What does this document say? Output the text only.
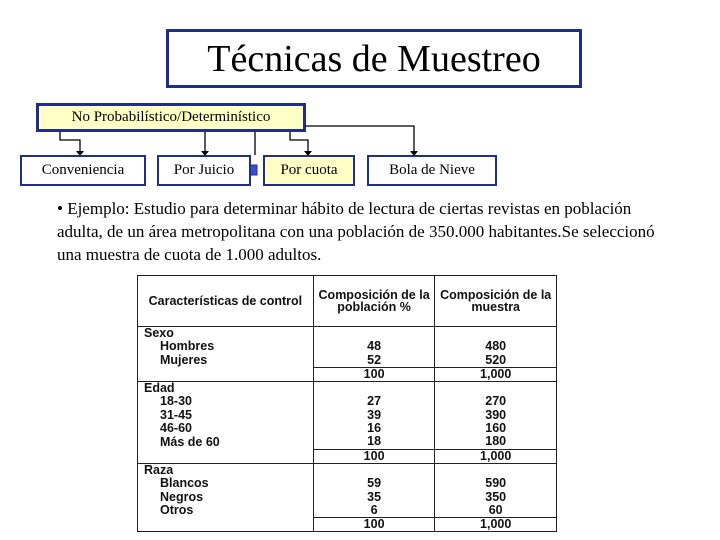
Técnicas de Muestreo
No Probabilístico/Determinístico
Conveniencia	Por Juicio	Por cuota	Bola de Nieve
• Ejemplo: Estudio para determinar hábito de lectura de ciertas revistas en población adulta, de un área metropolitana con una población de 350.000 habitantes.Se seleccionó una muestra de cuota de 1.000 adultos.
Características de control	Composición de la población %	Composición de la muestra
Sexo		
Hombres	48	480
Mujeres	52	520
	100	1,000
Edad		
18-30	27	270
31-45	39	390
46-60	16	160
Más de 60	18	180
	100	1,000
Raza		
Blancos	59	590
Negros	35	350
Otros	6	60
	100	1,000
